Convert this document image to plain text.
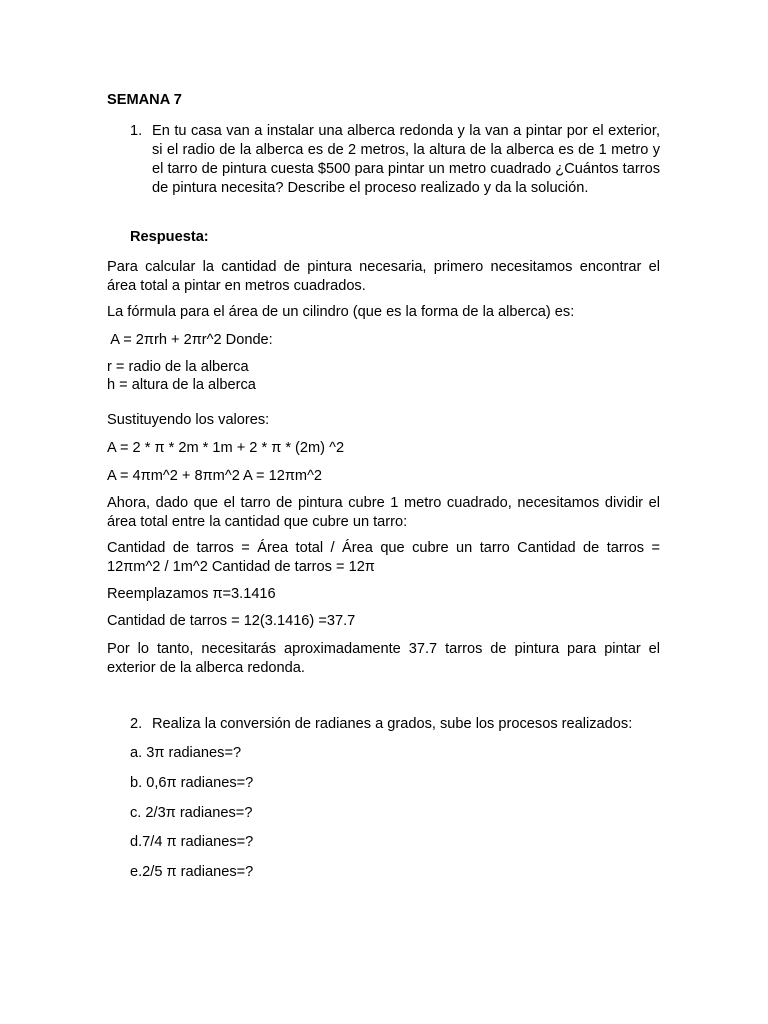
SEMANA 7

1. En tu casa van a instalar una alberca redonda y la van a pintar por el exterior, si el radio de la alberca es de 2 metros, la altura de la alberca es de 1 metro y el tarro de pintura cuesta $500 para pintar un metro cuadrado ¿Cuántos tarros de pintura necesita? Describe el proceso realizado y da la solución.

Respuesta:

Para calcular la cantidad de pintura necesaria, primero necesitamos encontrar el área total a pintar en metros cuadrados.

La fórmula para el área de un cilindro (que es la forma de la alberca) es:

A = 2πrh + 2πr^2 Donde:

r = radio de la alberca

h = altura de la alberca

Sustituyendo los valores:

A = 2 * π * 2m * 1m + 2 * π * (2m) ^2

A = 4πm^2 + 8πm^2 A = 12πm^2

Ahora, dado que el tarro de pintura cubre 1 metro cuadrado, necesitamos dividir el área total entre la cantidad que cubre un tarro:

Cantidad de tarros = Área total / Área que cubre un tarro Cantidad de tarros = 12πm^2 / 1m^2 Cantidad de tarros = 12π

Reemplazamos π=3.1416

Cantidad de tarros = 12(3.1416) =37.7

Por lo tanto, necesitarás aproximadamente 37.7 tarros de pintura para pintar el exterior de la alberca redonda.

2. Realiza la conversión de radianes a grados, sube los procesos realizados:

a. 3π radianes=?

b. 0,6π radianes=?

c. 2/3π radianes=?

d.7/4 π radianes=?

e.2/5 π radianes=?
